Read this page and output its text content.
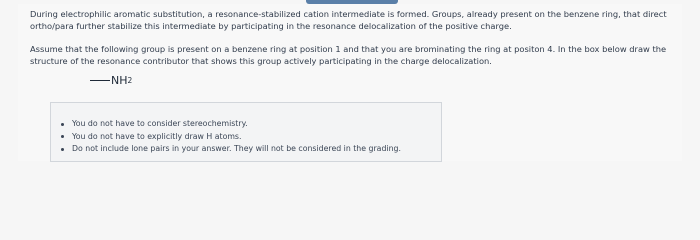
During electrophilic aromatic substitution, a resonance-stabilized cation intermediate is formed. Groups, already present on the benzene ring, that direct ortho/para further stabilize this intermediate by participating in the resonance delocalization of the positive charge.

Assume that the following group is present on a benzene ring at position 1 and that you are brominating the ring at positon 4. In the box below draw the structure of the resonance contributor that shows this group actively participating in the charge delocalization.

NH 2
You do not have to consider stereochemistry.
You do not have to explicitly draw H atoms.
Do not include lone pairs in your answer. They will not be considered in the grading.
